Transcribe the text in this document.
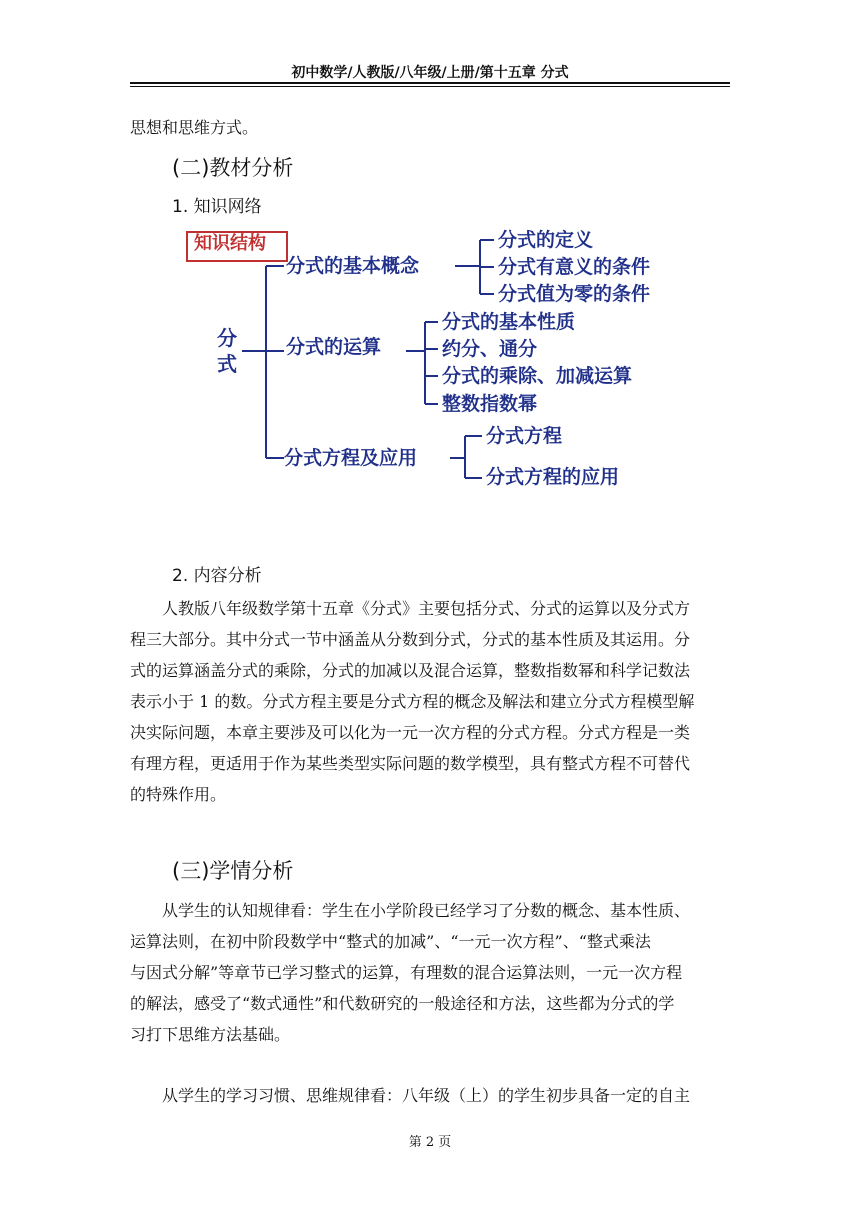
初中数学/人教版/八年级/上册/第十五章 分式
思想和思维方式。
(二)教材分析
1. 知识网络
知识结构
分
式
分式的基本概念
分式的定义
分式有意义的条件
分式值为零的条件
分式的运算
分式的基本性质
约分、通分
分式的乘除、加减运算
整数指数幂
分式方程及应用
分式方程
分式方程的应用
2. 内容分析
人教版八年级数学第十五章《分式》主要包括分式、分式的运算以及分式方
程三大部分。其中分式一节中涵盖从分数到分式，分式的基本性质及其运用。分
式的运算涵盖分式的乘除，分式的加减以及混合运算，整数指数幂和科学记数法
表示小于 1 的数。分式方程主要是分式方程的概念及解法和建立分式方程模型解
决实际问题，本章主要涉及可以化为一元一次方程的分式方程。分式方程是一类
有理方程，更适用于作为某些类型实际问题的数学模型，具有整式方程不可替代
的特殊作用。
(三)学情分析
从学生的认知规律看：学生在小学阶段已经学习了分数的概念、基本性质、
运算法则，在初中阶段数学中“整式的加减”、“一元一次方程”、“整式乘法
与因式分解”等章节已学习整式的运算，有理数的混合运算法则，一元一次方程
的解法，感受了“数式通性”和代数研究的一般途径和方法，这些都为分式的学
习打下思维方法基础。
从学生的学习习惯、思维规律看：八年级（上）的学生初步具备一定的自主
第 2 页
